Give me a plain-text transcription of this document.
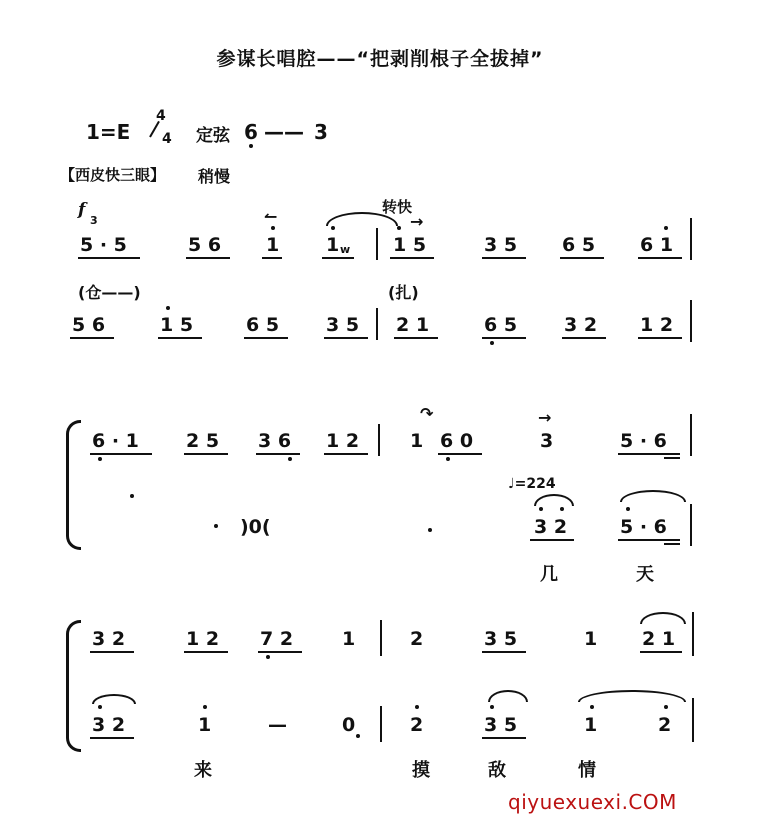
参谋长唱腔——“把剥削根子全拔掉”
1=E
4
4 定弦 6 —— 3
【西皮快三眼】 稍慢
f
3
转快
5 · 5	5 6
↼
1 1 w
→
1 5	3 5 6 5 6 1
(仓——)	(扎)
5 6	1 5	6 5 3 5 2 1	6 5 3 2 1 2
6 · 1 2 5 3 6 1 2	1
↷
6 0
→
3	5 · 6
)0(
♩=224
3 2	5 · 6
几	天
3 2	1 2 7 2	1	2	3 5	1 2 1
3 2	1	—	0	2	3 5	1	2
来	摸	敌	情
qiyuexuexi.COM
